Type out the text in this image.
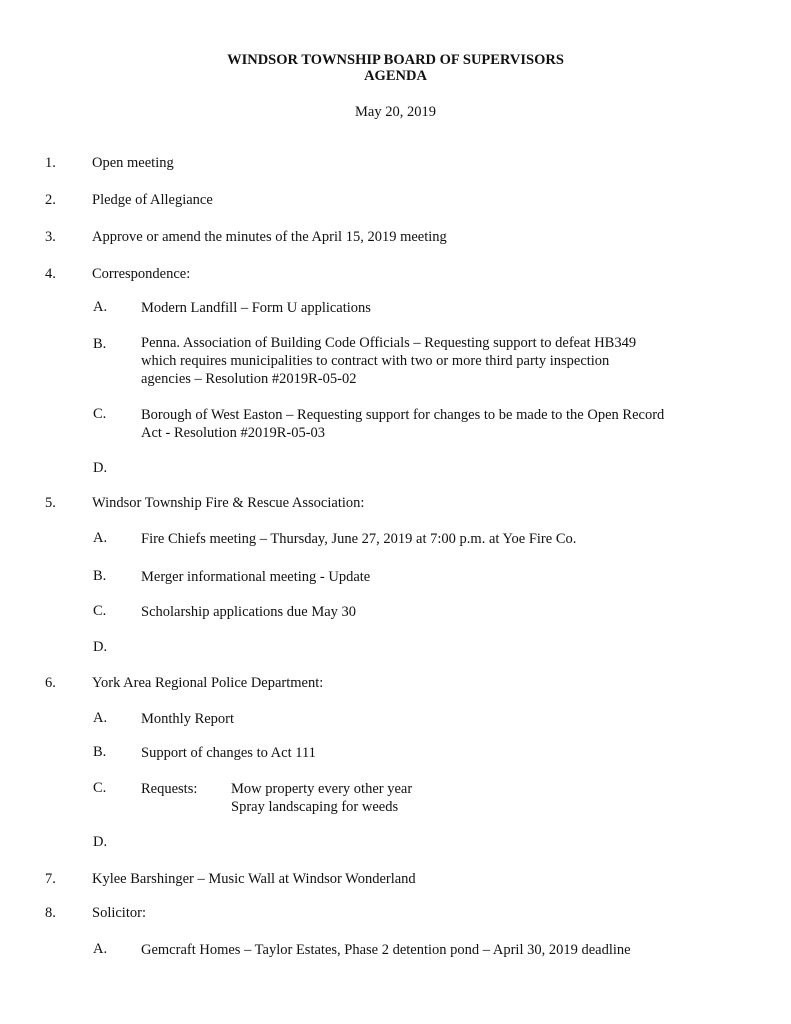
WINDSOR TOWNSHIP BOARD OF SUPERVISORS
AGENDA
May 20, 2019
1. Open meeting
2. Pledge of Allegiance
3. Approve or amend the minutes of the April 15, 2019 meeting
4. Correspondence:
A. Modern Landfill – Form U applications
B. Penna. Association of Building Code Officials – Requesting support to defeat HB349
which requires municipalities to contract with two or more third party inspection
agencies – Resolution #2019R-05-02
C. Borough of West Easton – Requesting support for changes to be made to the Open Record
Act - Resolution #2019R-05-03
D.
5. Windsor Township Fire & Rescue Association:
A. Fire Chiefs meeting – Thursday, June 27, 2019 at 7:00 p.m. at Yoe Fire Co.
B. Merger informational meeting - Update
C. Scholarship applications due May 30
D.
6. York Area Regional Police Department:
A. Monthly Report
B. Support of changes to Act 111
C. Requests:	Mow property every other year
Spray landscaping for weeds
D.
7. Kylee Barshinger – Music Wall at Windsor Wonderland
8. Solicitor:
A. Gemcraft Homes – Taylor Estates, Phase 2 detention pond – April 30, 2019 deadline
